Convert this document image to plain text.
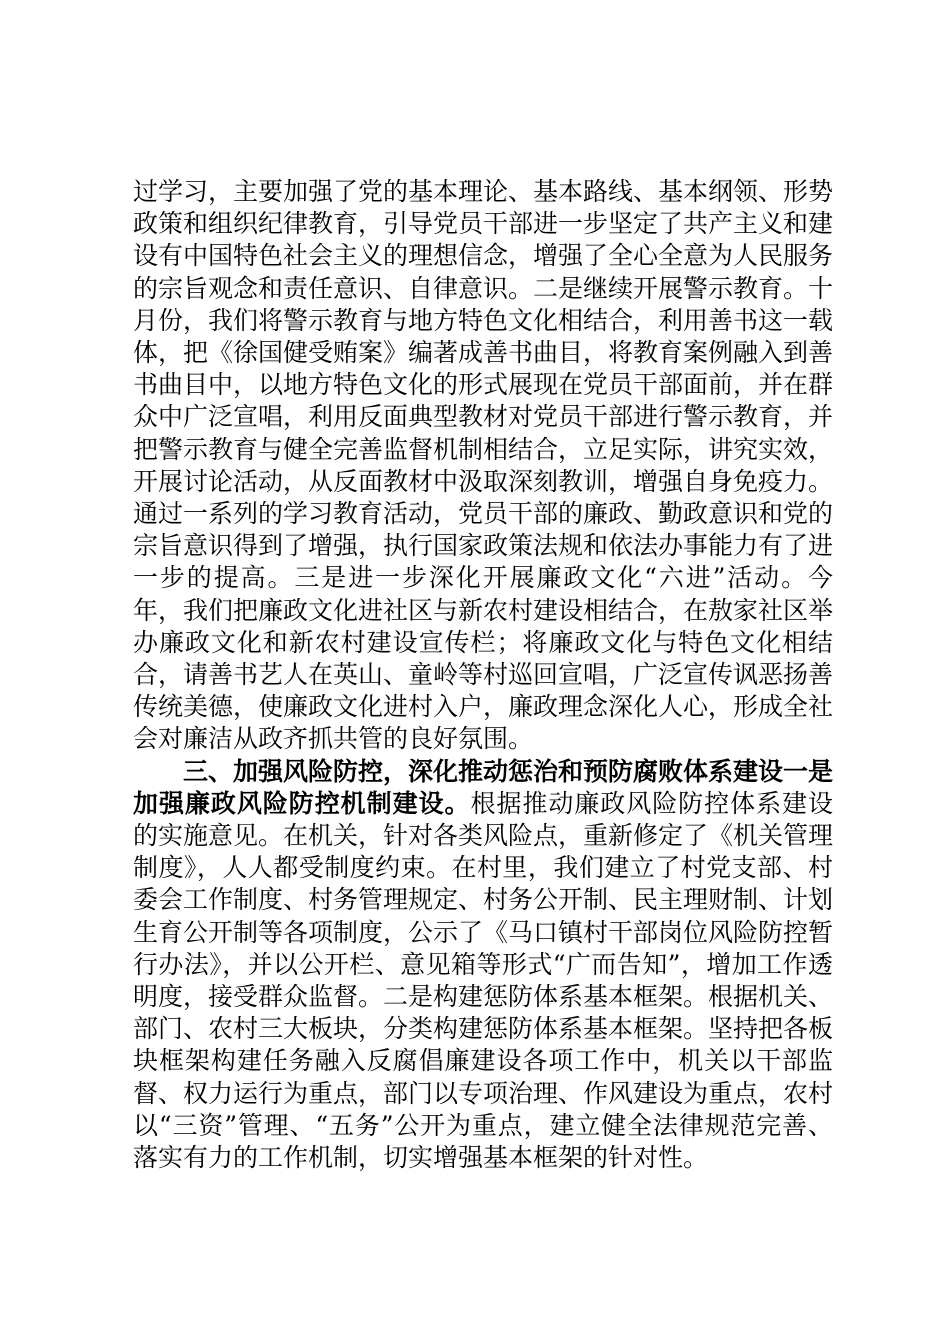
过学习，主要加强了党的基本理论、基本路线、基本纲领、形势政策和组织纪律教育，引导党员干部进一步坚定了共产主义和建设有中国特色社会主义的理想信念，增强了全心全意为人民服务的宗旨观念和责任意识、自律意识。二是继续开展警示教育。十月份，我们将警示教育与地方特色文化相结合，利用善书这一载体，把《徐国健受贿案》编著成善书曲目，将教育案例融入到善书曲目中，以地方特色文化的形式展现在党员干部面前，并在群众中广泛宣唱，利用反面典型教材对党员干部进行警示教育，并把警示教育与健全完善监督机制相结合，立足实际，讲究实效，开展讨论活动，从反面教材中汲取深刻教训，增强自身免疫力。通过一系列的学习教育活动，党员干部的廉政、勤政意识和党的宗旨意识得到了增强，执行国家政策法规和依法办事能力有了进一步的提高。三是进一步深化开展廉政文化“六进”活动。今年，我们把廉政文化进社区与新农村建设相结合，在敖家社区举办廉政文化和新农村建设宣传栏；将廉政文化与特色文化相结合，请善书艺人在英山、童岭等村巡回宣唱，广泛宣传讽恶扬善传统美德，使廉政文化进村入户，廉政理念深化人心，形成全社会对廉洁从政齐抓共管的良好氛围。

三、加强风险防控，深化推动惩治和预防腐败体系建设一是加强廉政风险防控机制建设。根据推动廉政风险防控体系建设的实施意见。在机关，针对各类风险点，重新修定了《机关管理制度》，人人都受制度约束。在村里，我们建立了村党支部、村委会工作制度、村务管理规定、村务公开制、民主理财制、计划生育公开制等各项制度，公示了《马口镇村干部岗位风险防控暂行办法》，并以公开栏、意见箱等形式“广而告知”，增加工作透明度，接受群众监督。二是构建惩防体系基本框架。根据机关、部门、农村三大板块，分类构建惩防体系基本框架。坚持把各板块框架构建任务融入反腐倡廉建设各项工作中，机关以干部监督、权力运行为重点，部门以专项治理、作风建设为重点，农村以“三资”管理、“五务”公开为重点，建立健全法律规范完善、落实有力的工作机制，切实增强基本框架的针对性。
